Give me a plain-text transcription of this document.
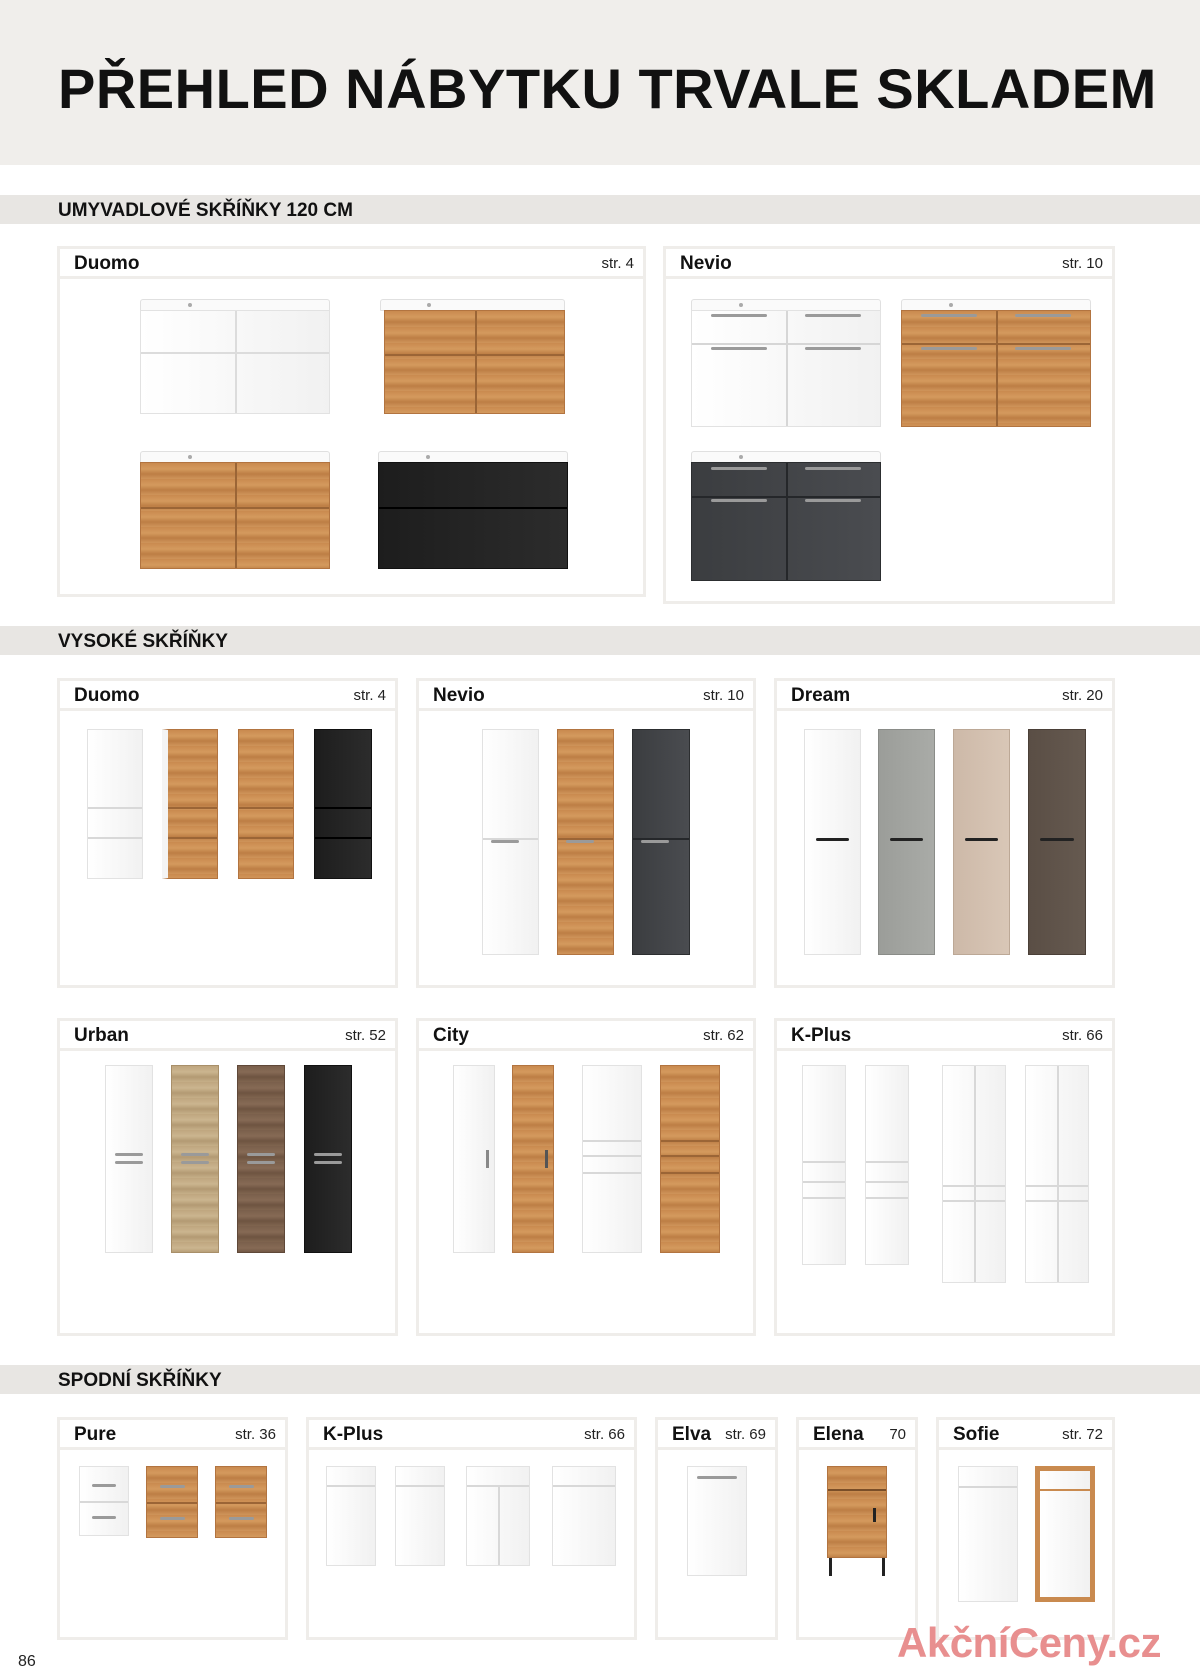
PŘEHLED NÁBYTKU TRVALE SKLADEM
UMYVADLOVÉ SKŘÍŇKY 120 CM
Duomo	str. 4 Nevio	str. 10
VYSOKÉ SKŘÍŇKY
Duomo	str. 4 Nevio	str. 10 Dream	str. 20
Urban	str. 52 City	str. 62 K-Plus	str. 66
SPODNÍ SKŘÍŇKY
Pure	str. 36 K-Plus	str. 66 Elva str. 69 Elena 70 Sofie	str. 72
86	AkčníCeny.cz
